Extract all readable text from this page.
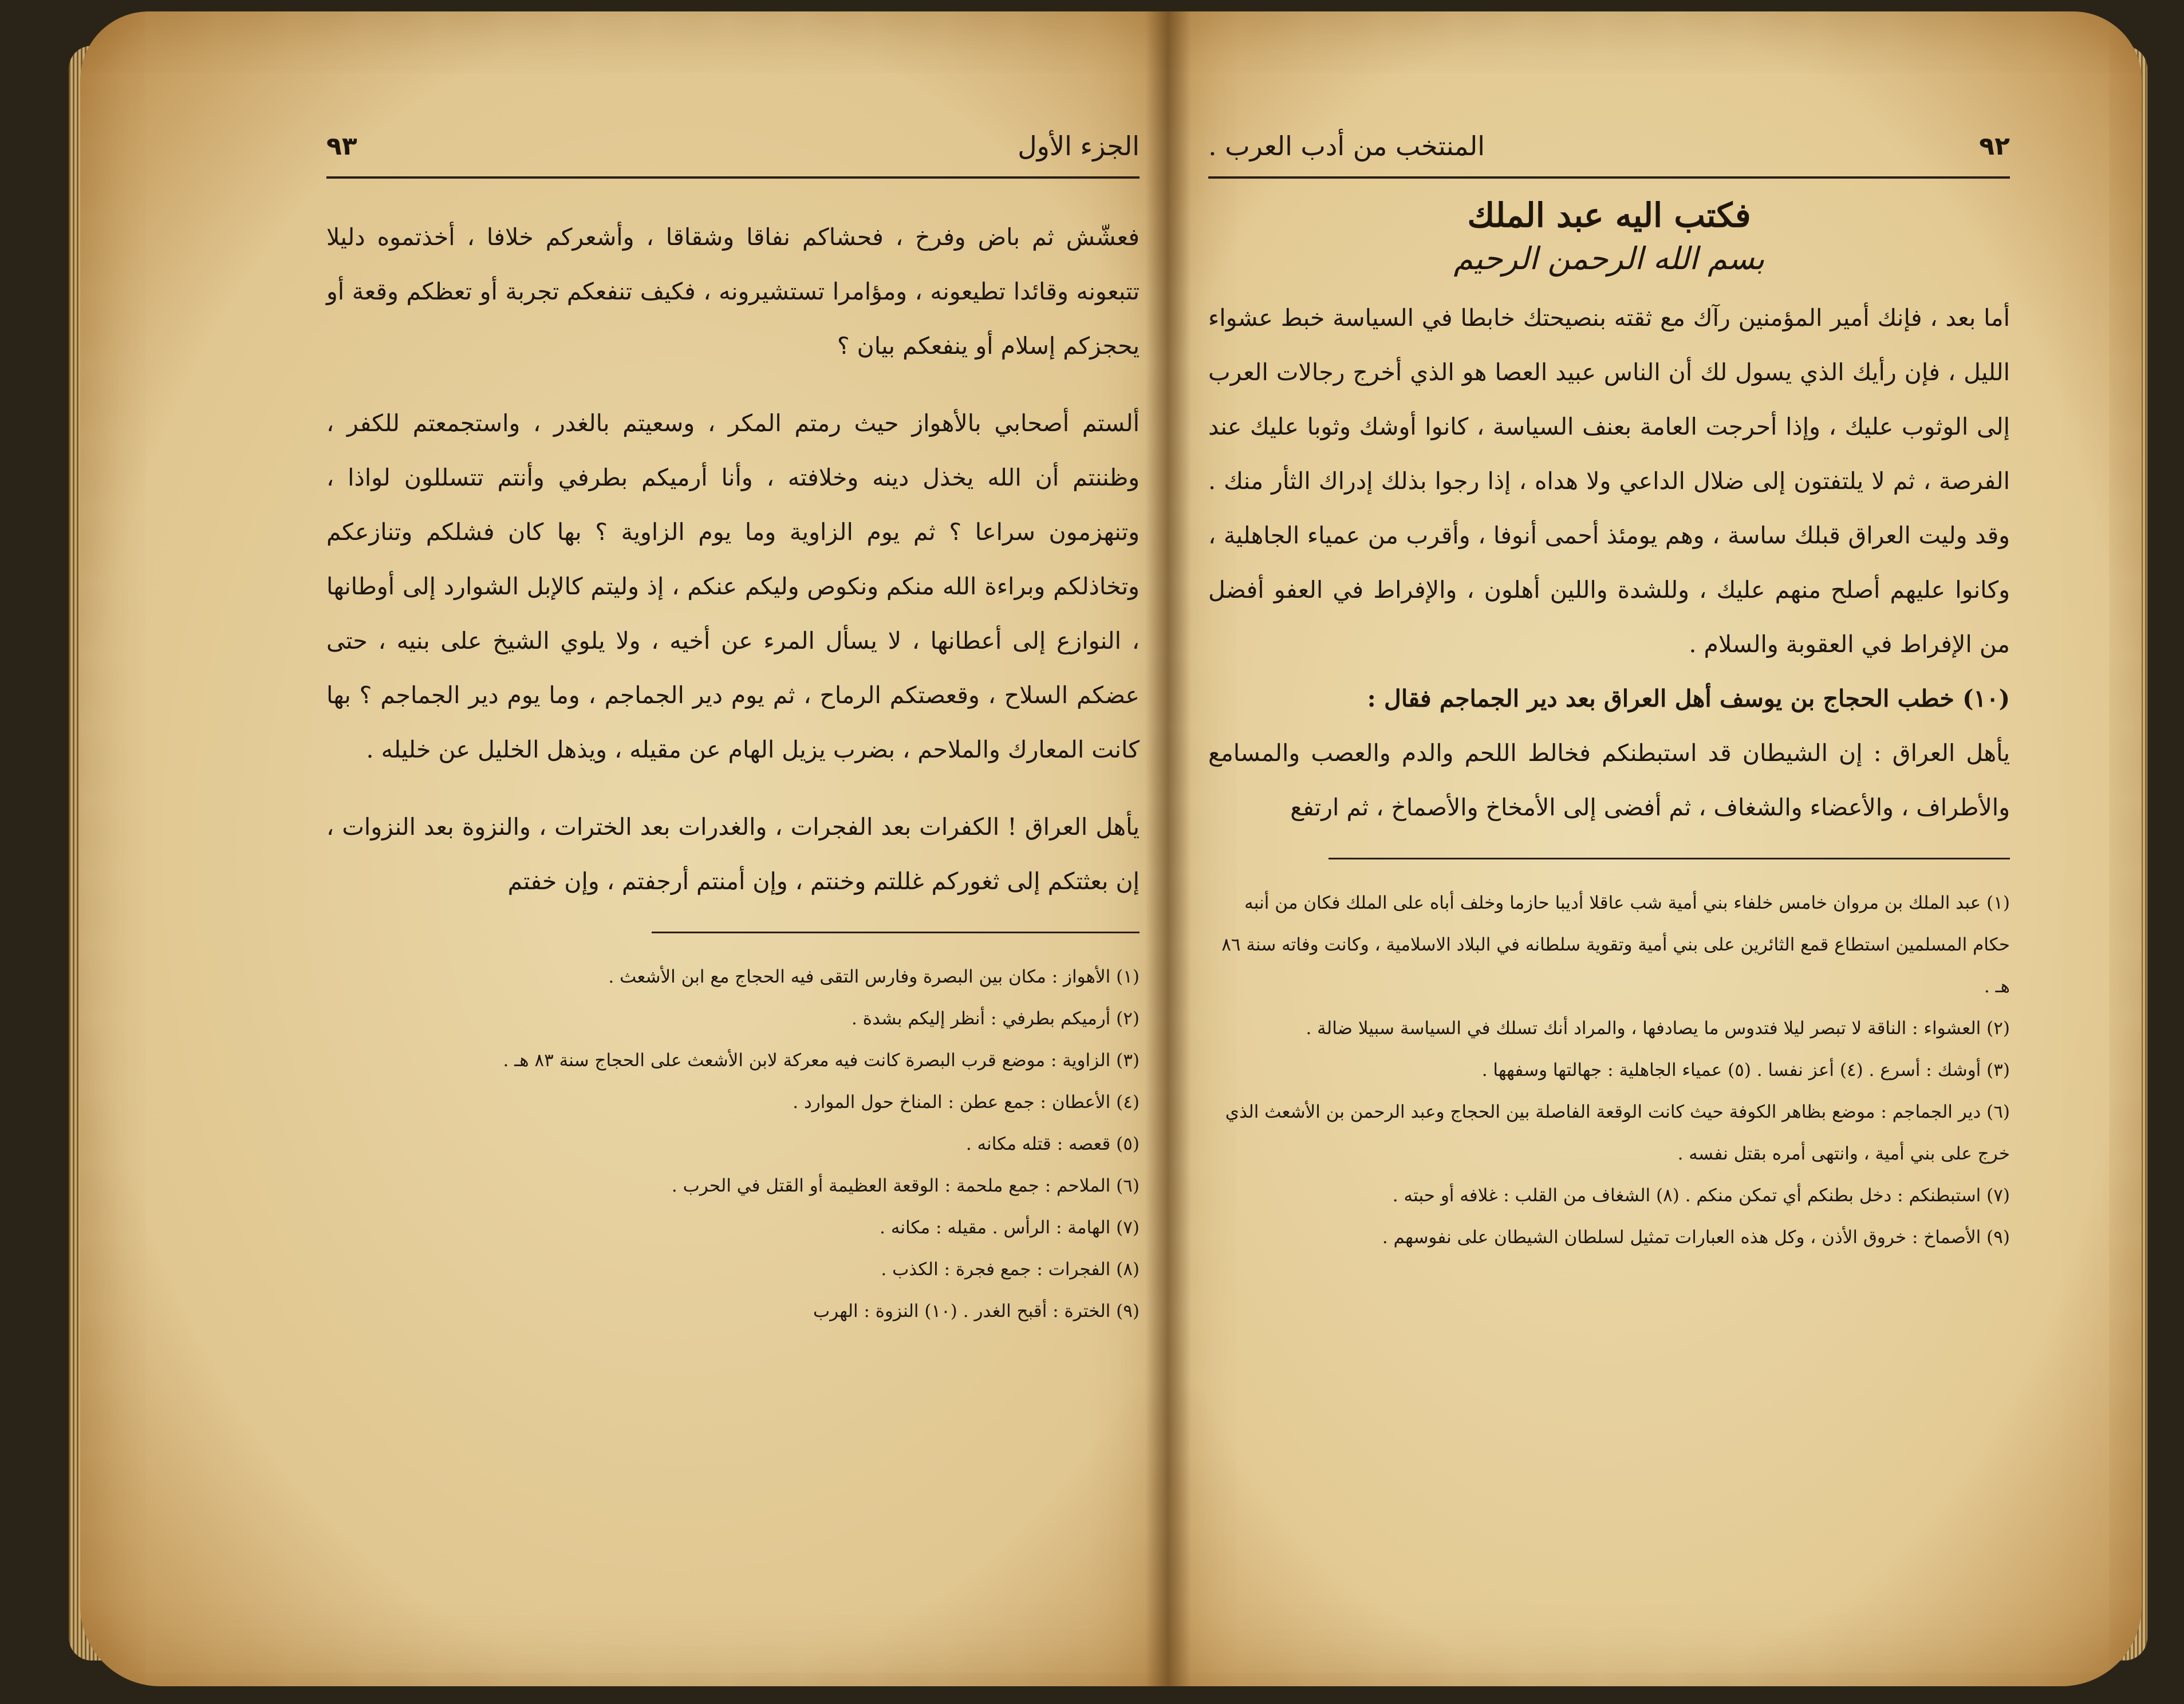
الجزء الأول
٩٣

فعشّش ثم باض وفرخ ، فحشاكم نفاقا وشقاقا ، وأشعركم خلافا ، أخذتموه دليلا تتبعونه وقائدا تطيعونه ، ومؤامرا تستشيرونه ، فكيف تنفعكم تجربة أو تعظكم وقعة أو يحجزكم إسلام أو ينفعكم بيان ؟

ألستم أصحابي بالأهواز حيث رمتم المكر ، وسعيتم بالغدر ، واستجمعتم للكفر ، وظننتم أن الله يخذل دينه وخلافته ، وأنا أرميكم بطرفي وأنتم تتسللون لواذا ، وتنهزمون سراعا ؟ ثم يوم الزاوية وما يوم الزاوية ؟ بها كان فشلكم وتنازعكم وتخاذلكم وبراءة الله منكم ونكوص وليكم عنكم ، إذ وليتم كالإبل الشوارد إلى أوطانها ، النوازع إلى أعطانها ، لا يسأل المرء عن أخيه ، ولا يلوي الشيخ على بنيه ، حتى عضكم السلاح ، وقعصتكم الرماح ، ثم يوم دير الجماجم ، وما يوم دير الجماجم ؟ بها كانت المعارك والملاحم ، بضرب يزيل الهام عن مقيله ، ويذهل الخليل عن خليله .

يأهل العراق ! الكفرات بعد الفجرات ، والغدرات بعد الخترات ، والنزوة بعد النزوات ، إن بعثتكم إلى ثغوركم غللتم وخنتم ، وإن أمنتم أرجفتم ، وإن خفتم

(١) الأهواز : مكان بين البصرة وفارس التقى فيه الحجاج مع ابن الأشعث .

(٢) أرميكم بطرفي : أنظر إليكم بشدة .

(٣) الزاوية : موضع قرب البصرة كانت فيه معركة لابن الأشعث على الحجاج سنة ٨٣ هـ .

(٤) الأعطان : جمع عطن : المناخ حول الموارد .

(٥) قعصه : قتله مكانه .

(٦) الملاحم : جمع ملحمة : الوقعة العظيمة أو القتل في الحرب .

(٧) الهامة : الرأس . مقيله : مكانه .

(٨) الفجرات : جمع فجرة : الكذب .

(٩) الخترة : أقبح الغدر . (١٠) النزوة : الهرب

٩٢
المنتخب من أدب العرب .
فكتب اليه عبد الملك
بسم الله الرحمن الرحيم

أما بعد ، فإنك أمير المؤمنين رآك مع ثقته بنصيحتك خابطا في السياسة خبط عشواء الليل ، فإن رأيك الذي يسول لك أن الناس عبيد العصا هو الذي أخرج رجالات العرب إلى الوثوب عليك ، وإذا أحرجت العامة بعنف السياسة ، كانوا أوشك وثوبا عليك عند الفرصة ، ثم لا يلتفتون إلى ضلال الداعي ولا هداه ، إذا رجوا بذلك إدراك الثأر منك . وقد وليت العراق قبلك ساسة ، وهم يومئذ أحمى أنوفا ، وأقرب من عمياء الجاهلية ، وكانوا عليهم أصلح منهم عليك ، وللشدة واللين أهلون ، والإفراط في العفو أفضل من الإفراط في العقوبة والسلام .

(١٠) خطب الحجاج بن يوسف أهل العراق بعد دير الجماجم فقال :

يأهل العراق : إن الشيطان قد استبطنكم فخالط اللحم والدم والعصب والمسامع والأطراف ، والأعضاء والشغاف ، ثم أفضى إلى الأمخاخ والأصماخ ، ثم ارتفع

(١) عبد الملك بن مروان خامس خلفاء بني أمية شب عاقلا أديبا حازما وخلف أباه على الملك فكان من أنبه حكام المسلمين استطاع قمع الثائرين على بني أمية وتقوية سلطانه في البلاد الاسلامية ، وكانت وفاته سنة ٨٦ هـ .

(٢) العشواء : الناقة لا تبصر ليلا فتدوس ما يصادفها ، والمراد أنك تسلك في السياسة سبيلا ضالة .

(٣) أوشك : أسرع . (٤) أعز نفسا . (٥) عمياء الجاهلية : جهالتها وسفهها .

(٦) دير الجماجم : موضع بظاهر الكوفة حيث كانت الوقعة الفاصلة بين الحجاج وعبد الرحمن بن الأشعث الذي خرج على بني أمية ، وانتهى أمره بقتل نفسه .

(٧) استبطنكم : دخل بطنكم أي تمكن منكم . (٨) الشغاف من القلب : غلافه أو حبته .

(٩) الأصماخ : خروق الأذن ، وكل هذه العبارات تمثيل لسلطان الشيطان على نفوسهم .
